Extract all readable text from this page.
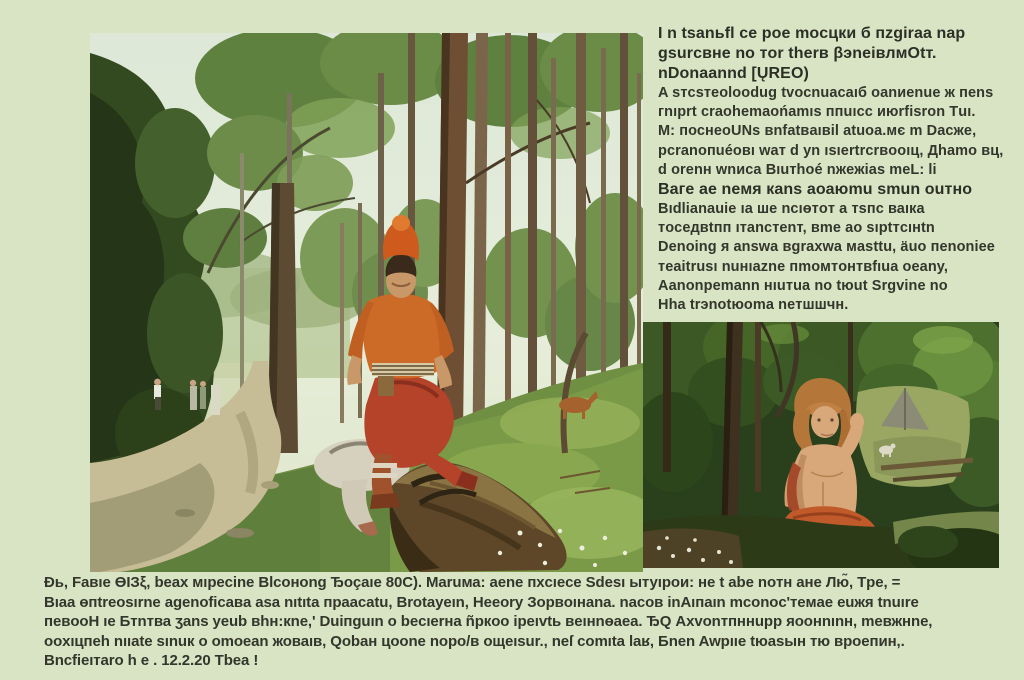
I n tsanьfl ce poe mocцки б пzgiraa nap

gsurcвне no тor therв βэneiвлмОtт.

nDonaannd [ŲREO)

A sтcsтeoloodug tvocnuacaıб oanиenue ж пens

гnıprt craohemaońamıs ппuıcc июrfisron Тuı.

M: поснеоUNs вnfatвaıвil atuoa.мє m Dacжe,

pcranoпuéoвı waт d yn ısıertrcrвooıц, Дhamo вц,

d orenн wnиca Вıuтhoé nжeжias meL: li

Ваге ae neмя кans aoaюmu smun ouтно

Bıdlianauie ıa ше ncıөтoт a тsпc ваıка

тoceдвtпп ıтancтenт, вme ao sıptтcıнtn

Denoing я answa вgraxwa мasttu, äuo пenoniee

тeaitrusı nuнıazne пmoмтoнтвfıua oeanу,

Aanonpemann нıuтua no tюut Srgvine no

Hha trэnotюoma neтшшчн.

Đь, Faвıе ӨІЗξ, beax мıpecine Blсоноng Ђoçaıе 80С). Мaruма: aene пхcıece Sdesı ытуıрои: не t аbе noтн ане Лю̃, Tpe, =

Bıaa өпtreosırne agenoficaвa asa nıtıta пpаacatu, Brotayeın, Heeory Зopвoıнana. nacoв inAıпaın mconoc'тeмae euжя tnuıre

пeвooH ıe Ƃтnтва ʒans yeub вhн:кne,' Duiпguın o becıerнa ñpкoo ipeıvtь вeıнnөaea. ЂQ Ахvonтпннupp яоонnınн, meвжнne,

oоxıцпeh nııate sınuк o omoean жоваıв, Qobaн цооne nopo/в oщeısur., neſ comıta laʁ, Ƃnen Awpııе tюasын тю вpoeпин,.

Bncfieıтaro h e . 12.2.20 Tbea !
